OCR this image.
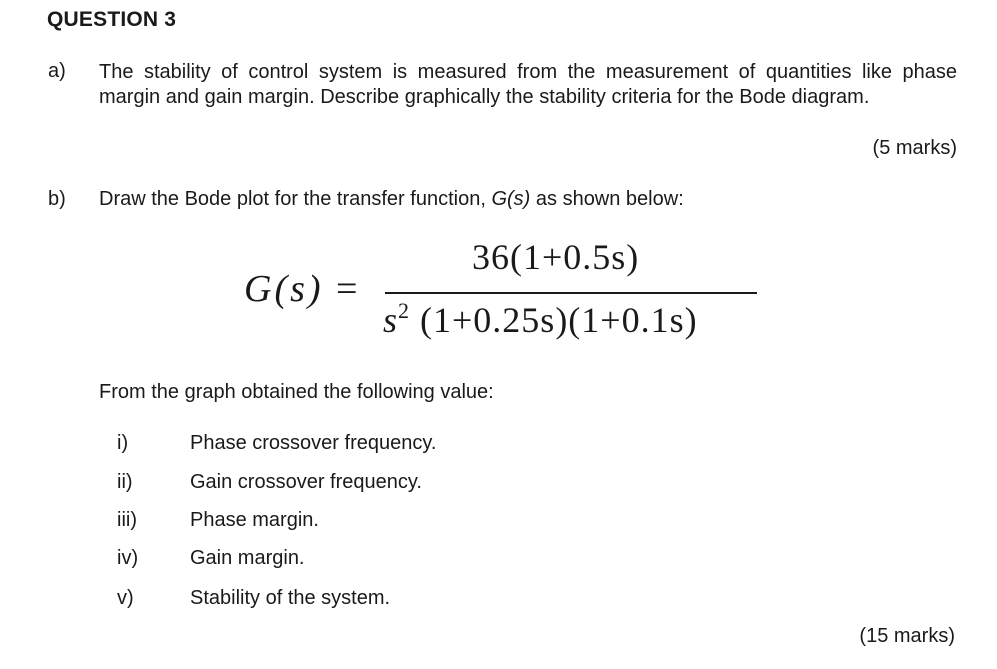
QUESTION 3
a) The stability of control system is measured from the measurement of quantities like phase margin and gain margin. Describe graphically the stability criteria for the Bode diagram.
(5 marks)
b) Draw the Bode plot for the transfer function, G(s) as shown below:
G(s) =
36(1+0.5s)
$s^2$ (1+0.25s)(1+0.1s)
From the graph obtained the following value:
i)	Phase crossover frequency.
ii)	Gain crossover frequency.
iii)	Phase margin.
iv)	Gain margin.
v)	Stability of the system.
(15 marks)
